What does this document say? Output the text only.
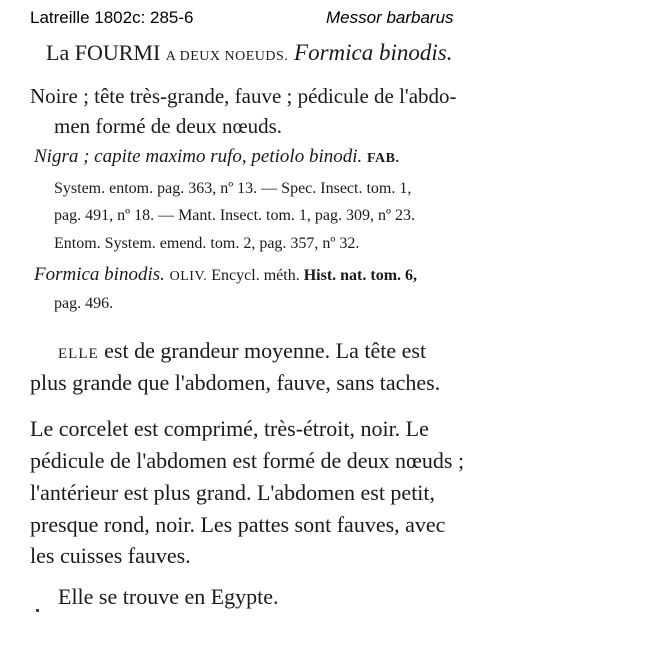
Latreille 1802c: 285-6	Messor barbarus
La FOURMI A DEUX NOEUDS. Formica binodis.
Noire ; tête très-grande, fauve ; pédicule de l'abdo-
men formé de deux nœuds.
Nigra ; capite maximo rufo, petiolo binodi. FAB.
System. entom. pag. 363, nº 13. — Spec. Insect. tom. 1,
pag. 491, nº 18. — Mant. Insect. tom. 1, pag. 309, nº 23.
Entom. System. emend. tom. 2, pag. 357, nº 32.
Formica binodis. OLIV. Encycl. méth. Hist. nat. tom. 6,
pag. 496.
ELLE est de grandeur moyenne. La tête est
plus grande que l'abdomen, fauve, sans taches.
Le corcelet est comprimé, très-étroit, noir. Le
pédicule de l'abdomen est formé de deux nœuds ;
l'antérieur est plus grand. L'abdomen est petit,
presque rond, noir. Les pattes sont fauves, avec
les cuisses fauves.
Elle se trouve en Egypte.
